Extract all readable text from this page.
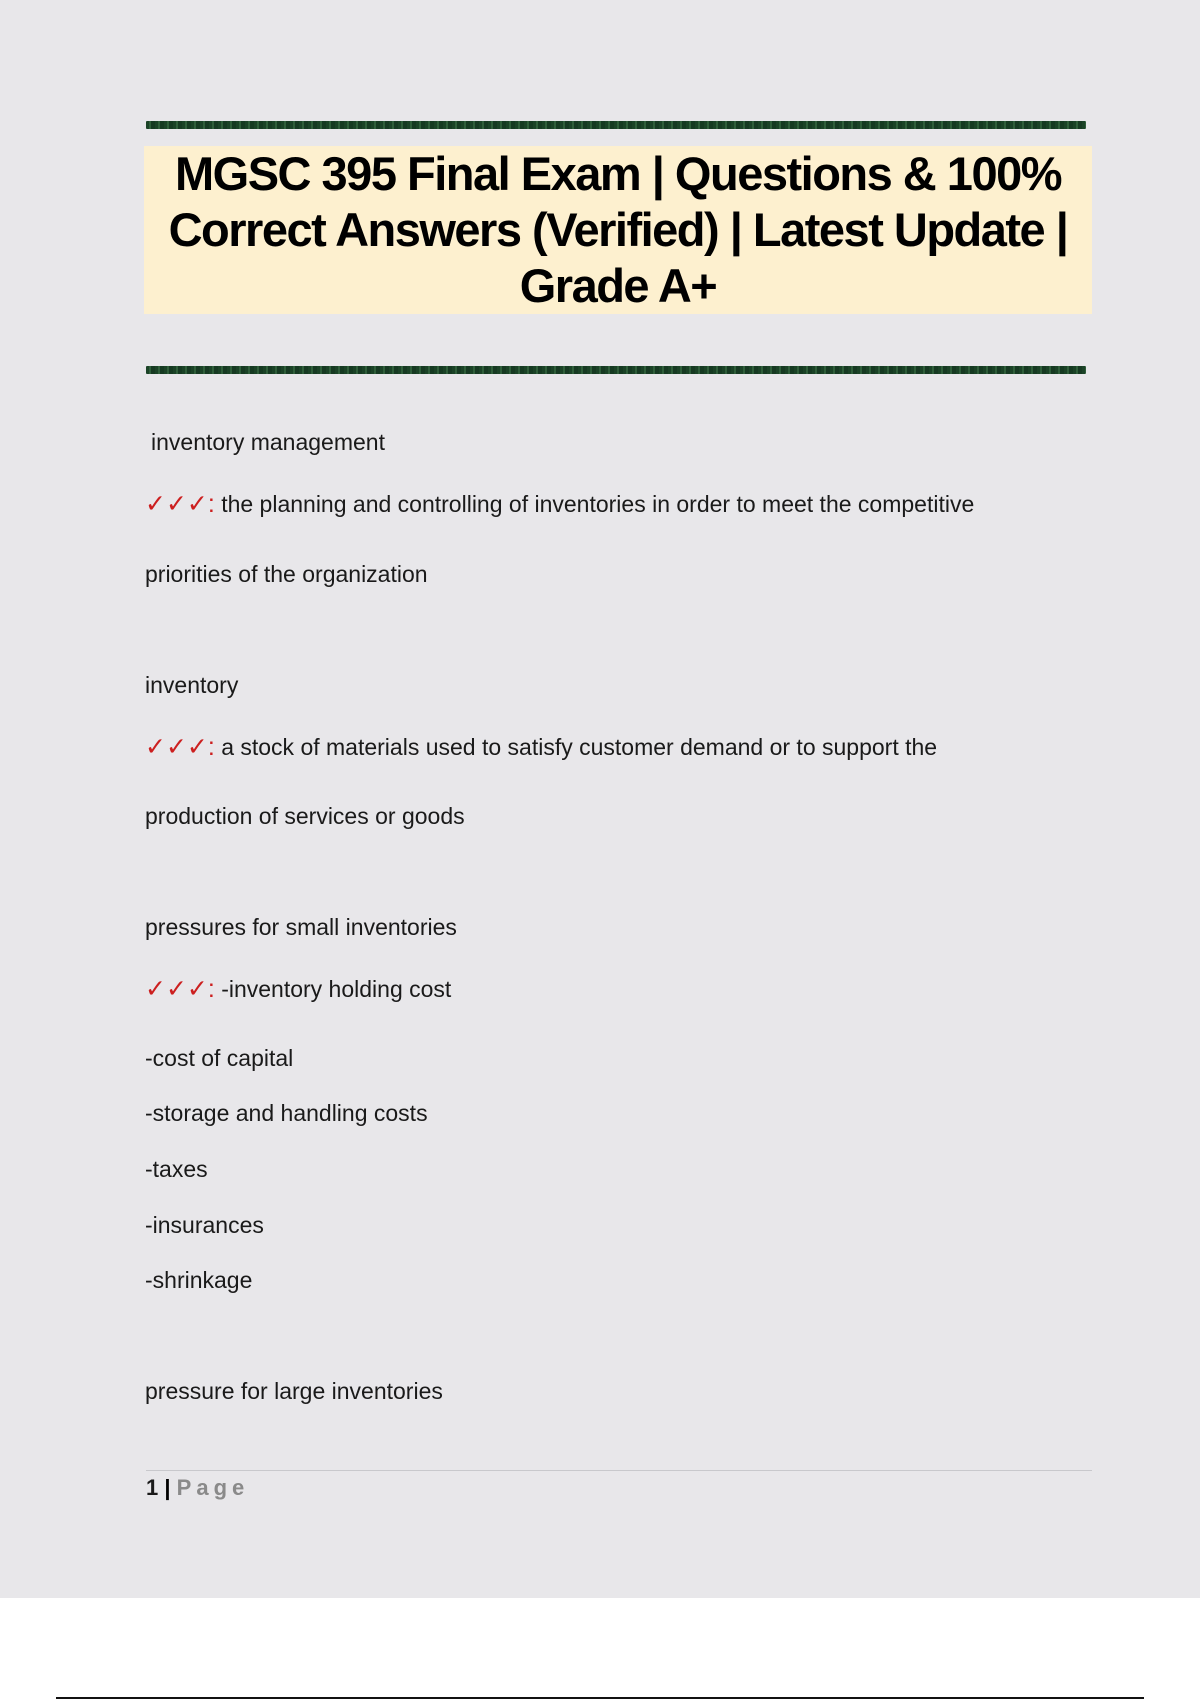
MGSC 395 Final Exam | Questions & 100% Correct Answers (Verified) | Latest Update | Grade A+
inventory management
✓✓✓: the planning and controlling of inventories in order to meet the competitive
priorities of the organization
inventory
✓✓✓: a stock of materials used to satisfy customer demand or to support the
production of services or goods
pressures for small inventories
✓✓✓: -inventory holding cost
-cost of capital
-storage and handling costs
-taxes
-insurances
-shrinkage
pressure for large inventories
1 | Page
